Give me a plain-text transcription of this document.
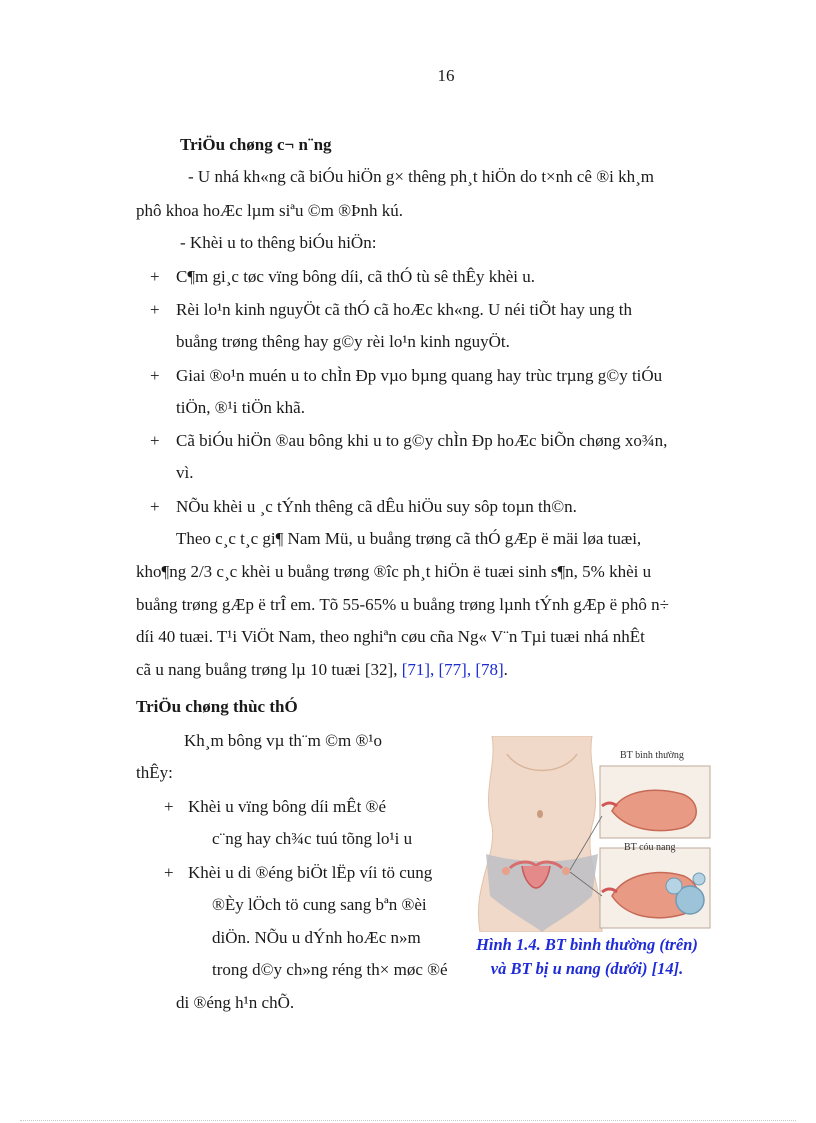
16
TriÖu chøng c¬ n¨ng
- U nhá kh«ng cã biÓu hiÖn g× thêng ph¸t hiÖn do t×nh cê ®i kh¸m
phô khoa hoÆc lµm siªu ©m ®Þnh kú.
- Khèi u to thêng biÓu hiÖn:
+ C¶m gi¸c tøc vïng bông díi, cã thÓ tù sê thÊy khèi u.
+ Rèi lo¹n kinh nguyÖt cã thÓ cã hoÆc kh«ng. U néi tiÕt hay ung th
buång trøng thêng hay g©y rèi lo¹n kinh nguyÖt.
+ Giai ®o¹n muén u to chÌn Ðp vµo bµng quang hay trùc trµng g©y tiÓu
tiÖn, ®¹i tiÖn khã.
+ Cã biÓu hiÖn ®au bông khi u to g©y chÌn Ðp hoÆc biÕn chøng xo¾n,
vì.
+ NÕu khèi u ¸c tÝnh thêng cã dÊu hiÖu suy sôp toµn th©n.
Theo c¸c t¸c gi¶ Nam Mü, u buång trøng cã thÓ gÆp ë mäi løa tuæi,
kho¶ng 2/3 c¸c khèi u buång trøng ®îc ph¸t hiÖn ë tuæi sinh s¶n, 5% khèi u
buång trøng gÆp ë trÎ em. Tõ 55-65% u buång trøng lµnh tÝnh gÆp ë phô n÷
díi 40 tuæi. T¹i ViÖt Nam, theo nghiªn cøu cña Ng« V¨n Tµi tuæi nhá nhÊt
cã u nang buång trøng lµ 10 tuæi [32], [71], [77], [78].
TriÖu chøng thùc thÓ
Kh¸m bông vµ th¨m ©m ®¹o
thÊy:
+ Khèi u vïng bông díi mÊt ®é
c¨ng hay ch¾c tuú tõng lo¹i u
+ Khèi u di ®éng biÖt lËp víi tö cung
®Èy lÖch tö cung sang bªn ®èi
diÖn. NÕu u dÝnh hoÆc n»m
trong d©y ch»ng réng th× møc ®é
di ®éng h¹n chÕ.
BT bình thường
BT cóu nang
Hình 1.4. BT bình thường (trên)
và BT bị u nang (dưới) [14].
